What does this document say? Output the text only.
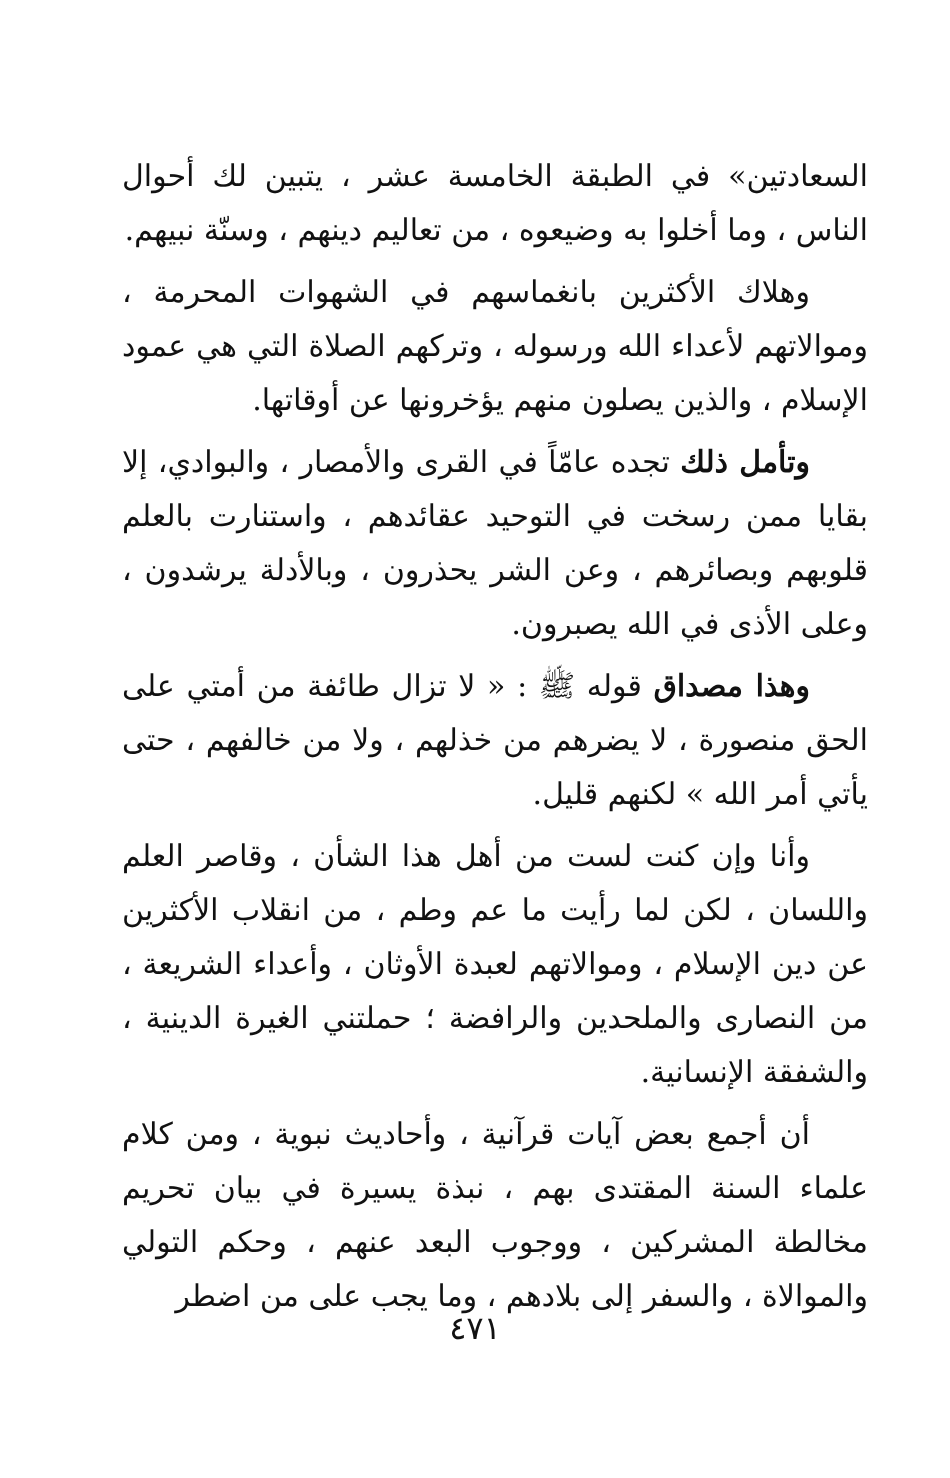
السعادتين» في الطبقة الخامسة عشر ، يتبين لك أحوال الناس ، وما أخلوا به وضيعوه ، من تعاليم دينهم ، وسنّة نبيهم.

وهلاك الأكثرين بانغماسهم في الشهوات المحرمة ، وموالاتهم لأعداء الله ورسوله ، وتركهم الصلاة التي هي عمود الإسلام ، والذين يصلون منهم يؤخرونها عن أوقاتها.

وتأمل ذلك تجده عامّاً في القرى والأمصار ، والبوادي، إلا بقايا ممن رسخت في التوحيد عقائدهم ، واستنارت بالعلم قلوبهم وبصائرهم ، وعن الشر يحذرون ، وبالأدلة يرشدون ، وعلى الأذى في الله يصبرون.

وهذا مصداق قوله ﷺ : « لا تزال طائفة من أمتي على الحق منصورة ، لا يضرهم من خذلهم ، ولا من خالفهم ، حتى يأتي أمر الله » لكنهم قليل.

وأنا وإن كنت لست من أهل هذا الشأن ، وقاصر العلم واللسان ، لكن لما رأيت ما عم وطم ، من انقلاب الأكثرين عن دين الإسلام ، وموالاتهم لعبدة الأوثان ، وأعداء الشريعة ، من النصارى والملحدين والرافضة ؛ حملتني الغيرة الدينية ، والشفقة الإنسانية.

أن أجمع بعض آيات قرآنية ، وأحاديث نبوية ، ومن كلام علماء السنة المقتدى بهم ، نبذة يسيرة في بيان تحريم مخالطة المشركين ، ووجوب البعد عنهم ، وحكم التولي والموالاة ، والسفر إلى بلادهم ، وما يجب على من اضطر

٤٧١
